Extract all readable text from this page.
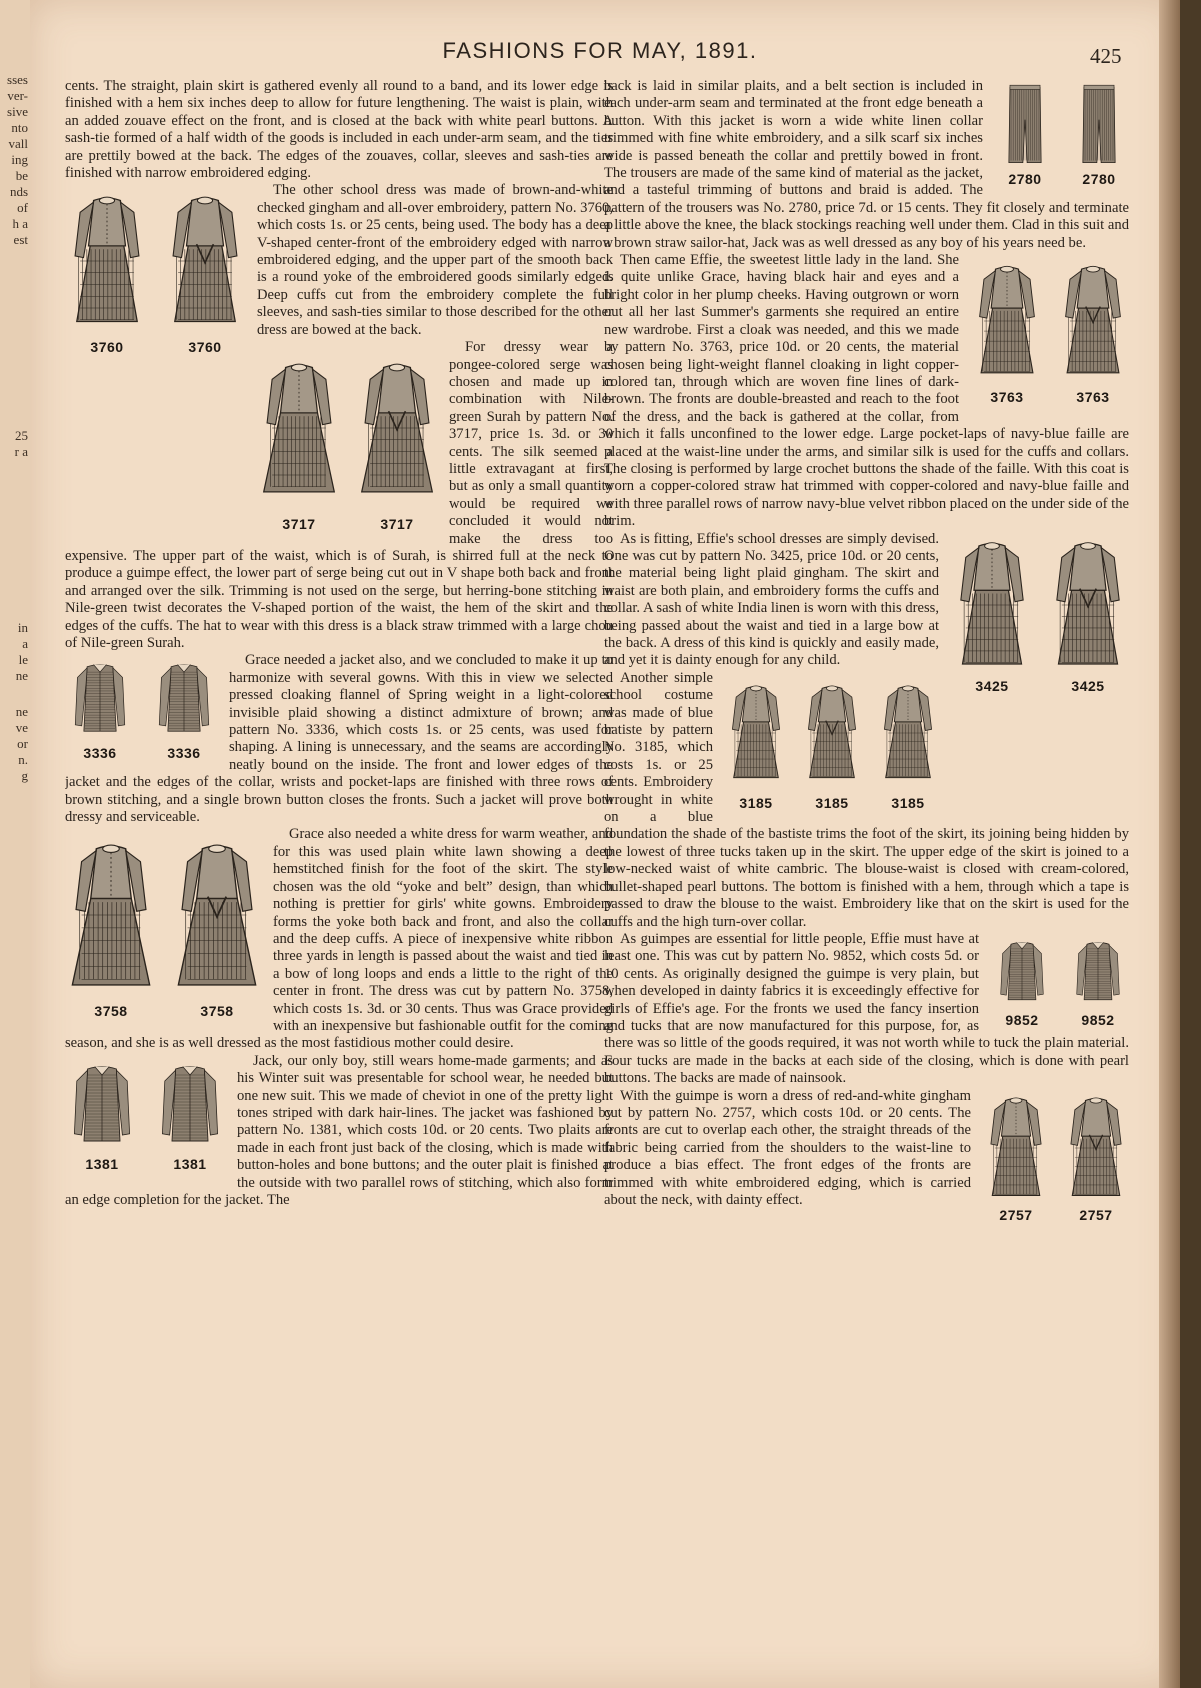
sses
ver-
sive
nto
vall
ing
be
nds
of
h a
est
25
r a
in
a
le
ne
ne
ve
or
n.
g
FASHIONS FOR MAY, 1891.	425

cents. The straight, plain skirt is gathered evenly all round to a band, and its lower edge is finished with a hem six inches deep to allow for future lengthening. The waist is plain, with an added zouave effect on the front, and is closed at the back with white pearl buttons. A sash-tie formed of a half width of the goods is included in each under-arm seam, and the ties are prettily bowed at the back. The edges of the zouaves, collar, sleeves and sash-ties are finished with narrow embroidered edging.

3760	3760

The other school dress was made of brown-and-white checked gingham and all-over embroidery, pattern No. 3760, which costs 1s. or 25 cents, being used. The body has a deep V-shaped center-front of the embroidery edged with narrow embroidered edging, and the upper part of the smooth back is a round yoke of the embroidered goods similarly edged. Deep cuffs cut from the embroidery complete the full sleeves, and sash-ties similar to those described for the other dress are bowed at the back.

3717	3717

For dressy wear a pongee-colored serge was chosen and made up in combination with Nile-green Surah by pattern No. 3717, price 1s. 3d. or 30 cents. The silk seemed a little extravagant at first, but as only a small quantity would be required we concluded it would not make the dress too expensive. The upper part of the waist, which is of Surah, is shirred full at the neck to produce a guimpe effect, the lower part of serge being cut out in V shape both back and front and arranged over the silk. Trimming is not used on the serge, but herring-bone stitching in Nile-green twist decorates the V-shaped portion of the waist, the hem of the skirt and the edges of the cuffs. The hat to wear with this dress is a black straw trimmed with a large chou of Nile-green Surah.

3336	3336

Grace needed a jacket also, and we concluded to make it up to harmonize with several gowns. With this in view we selected pressed cloaking flannel of Spring weight in a light-colored invisible plaid showing a distinct admixture of brown; and pattern No. 3336, which costs 1s. or 25 cents, was used for shaping. A lining is unnecessary, and the seams are accordingly neatly bound on the inside. The front and lower edges of the jacket and the edges of the collar, wrists and pocket-laps are finished with three rows of brown stitching, and a single brown button closes the fronts. Such a jacket will prove both dressy and serviceable.

3758	3758

Grace also needed a white dress for warm weather, and for this was used plain white lawn showing a deep hemstitched finish for the foot of the skirt. The style chosen was the old “yoke and belt” design, than which nothing is prettier for girls' white gowns. Embroidery forms the yoke both back and front, and also the collar and the deep cuffs. A piece of inexpensive white ribbon three yards in length is passed about the waist and tied in a bow of long loops and ends a little to the right of the center in front. The dress was cut by pattern No. 3758, which costs 1s. 3d. or 30 cents. Thus was Grace provided with an inexpensive but fashionable outfit for the coming season, and she is as well dressed as the most fastidious mother could desire.

1381	1381

Jack, our only boy, still wears home-made garments; and as his Winter suit was presentable for school wear, he needed but one new suit. This we made of cheviot in one of the pretty light tones striped with dark hair-lines. The jacket was fashioned by pattern No. 1381, which costs 10d. or 20 cents. Two plaits are made in each front just back of the closing, which is made with button-holes and bone buttons; and the outer plait is finished at the outside with two parallel rows of stitching, which also form an edge completion for the jacket. The

2780	2780

back is laid in similar plaits, and a belt section is included in each under-arm seam and terminated at the front edge beneath a button. With this jacket is worn a wide white linen collar trimmed with fine white embroidery, and a silk scarf six inches wide is passed beneath the collar and prettily bowed in front. The trousers are made of the same kind of material as the jacket, and a tasteful trimming of buttons and braid is added. The pattern of the trousers was No. 2780, price 7d. or 15 cents. They fit closely and terminate a little above the knee, the black stockings reaching well under them. Clad in this suit and a brown straw sailor-hat, Jack was as well dressed as any boy of his years need be.

3763	3763

Then came Effie, the sweetest little lady in the land. She is quite unlike Grace, having black hair and eyes and a bright color in her plump cheeks. Having outgrown or worn out all her last Summer's garments she required an entire new wardrobe. First a cloak was needed, and this we made by pattern No. 3763, price 10d. or 20 cents, the material chosen being light-weight flannel cloaking in light copper-colored tan, through which are woven fine lines of dark-brown. The fronts are double-breasted and reach to the foot of the dress, and the back is gathered at the collar, from which it falls unconfined to the lower edge. Large pocket-laps of navy-blue faille are placed at the waist-line under the arms, and similar silk is used for the cuffs and collars. The closing is performed by large crochet buttons the shade of the faille. With this coat is worn a copper-colored straw hat trimmed with copper-colored and navy-blue faille and with three parallel rows of narrow navy-blue velvet ribbon placed on the under side of the brim.

3425	3425

As is fitting, Effie's school dresses are simply devised. One was cut by pattern No. 3425, price 10d. or 20 cents, the material being light plaid gingham. The skirt and waist are both plain, and embroidery forms the cuffs and collar. A sash of white India linen is worn with this dress, being passed about the waist and tied in a large bow at the back. A dress of this kind is quickly and easily made, and yet it is dainty enough for any child.

3185	3185	3185

Another simple school costume was made of blue batiste by pattern No. 3185, which costs 1s. or 25 cents. Embroidery wrought in white on a blue foundation the shade of the bastiste trims the foot of the skirt, its joining being hidden by the lowest of three tucks taken up in the skirt. The upper edge of the skirt is joined to a low-necked waist of white cambric. The blouse-waist is closed with cream-colored, bullet-shaped pearl buttons. The bottom is finished with a hem, through which a tape is passed to draw the blouse to the waist. Embroidery like that on the skirt is used for the cuffs and the high turn-over collar.

9852	9852

As guimpes are essential for little people, Effie must have at least one. This was cut by pattern No. 9852, which costs 5d. or 10 cents. As originally designed the guimpe is very plain, but when developed in dainty fabrics it is exceedingly effective for girls of Effie's age. For the fronts we used the fancy insertion and tucks that are now manufactured for this purpose, for, as there was so little of the goods required, it was not worth while to tuck the plain material. Four tucks are made in the backs at each side of the closing, which is done with pearl buttons. The backs are made of nainsook.

2757	2757

With the guimpe is worn a dress of red-and-white gingham cut by pattern No. 2757, which costs 10d. or 20 cents. The fronts are cut to overlap each other, the straight threads of the fabric being carried from the shoulders to the waist-line to produce a bias effect. The front edges of the fronts are trimmed with white embroidered edging, which is carried about the neck, with dainty effect.
